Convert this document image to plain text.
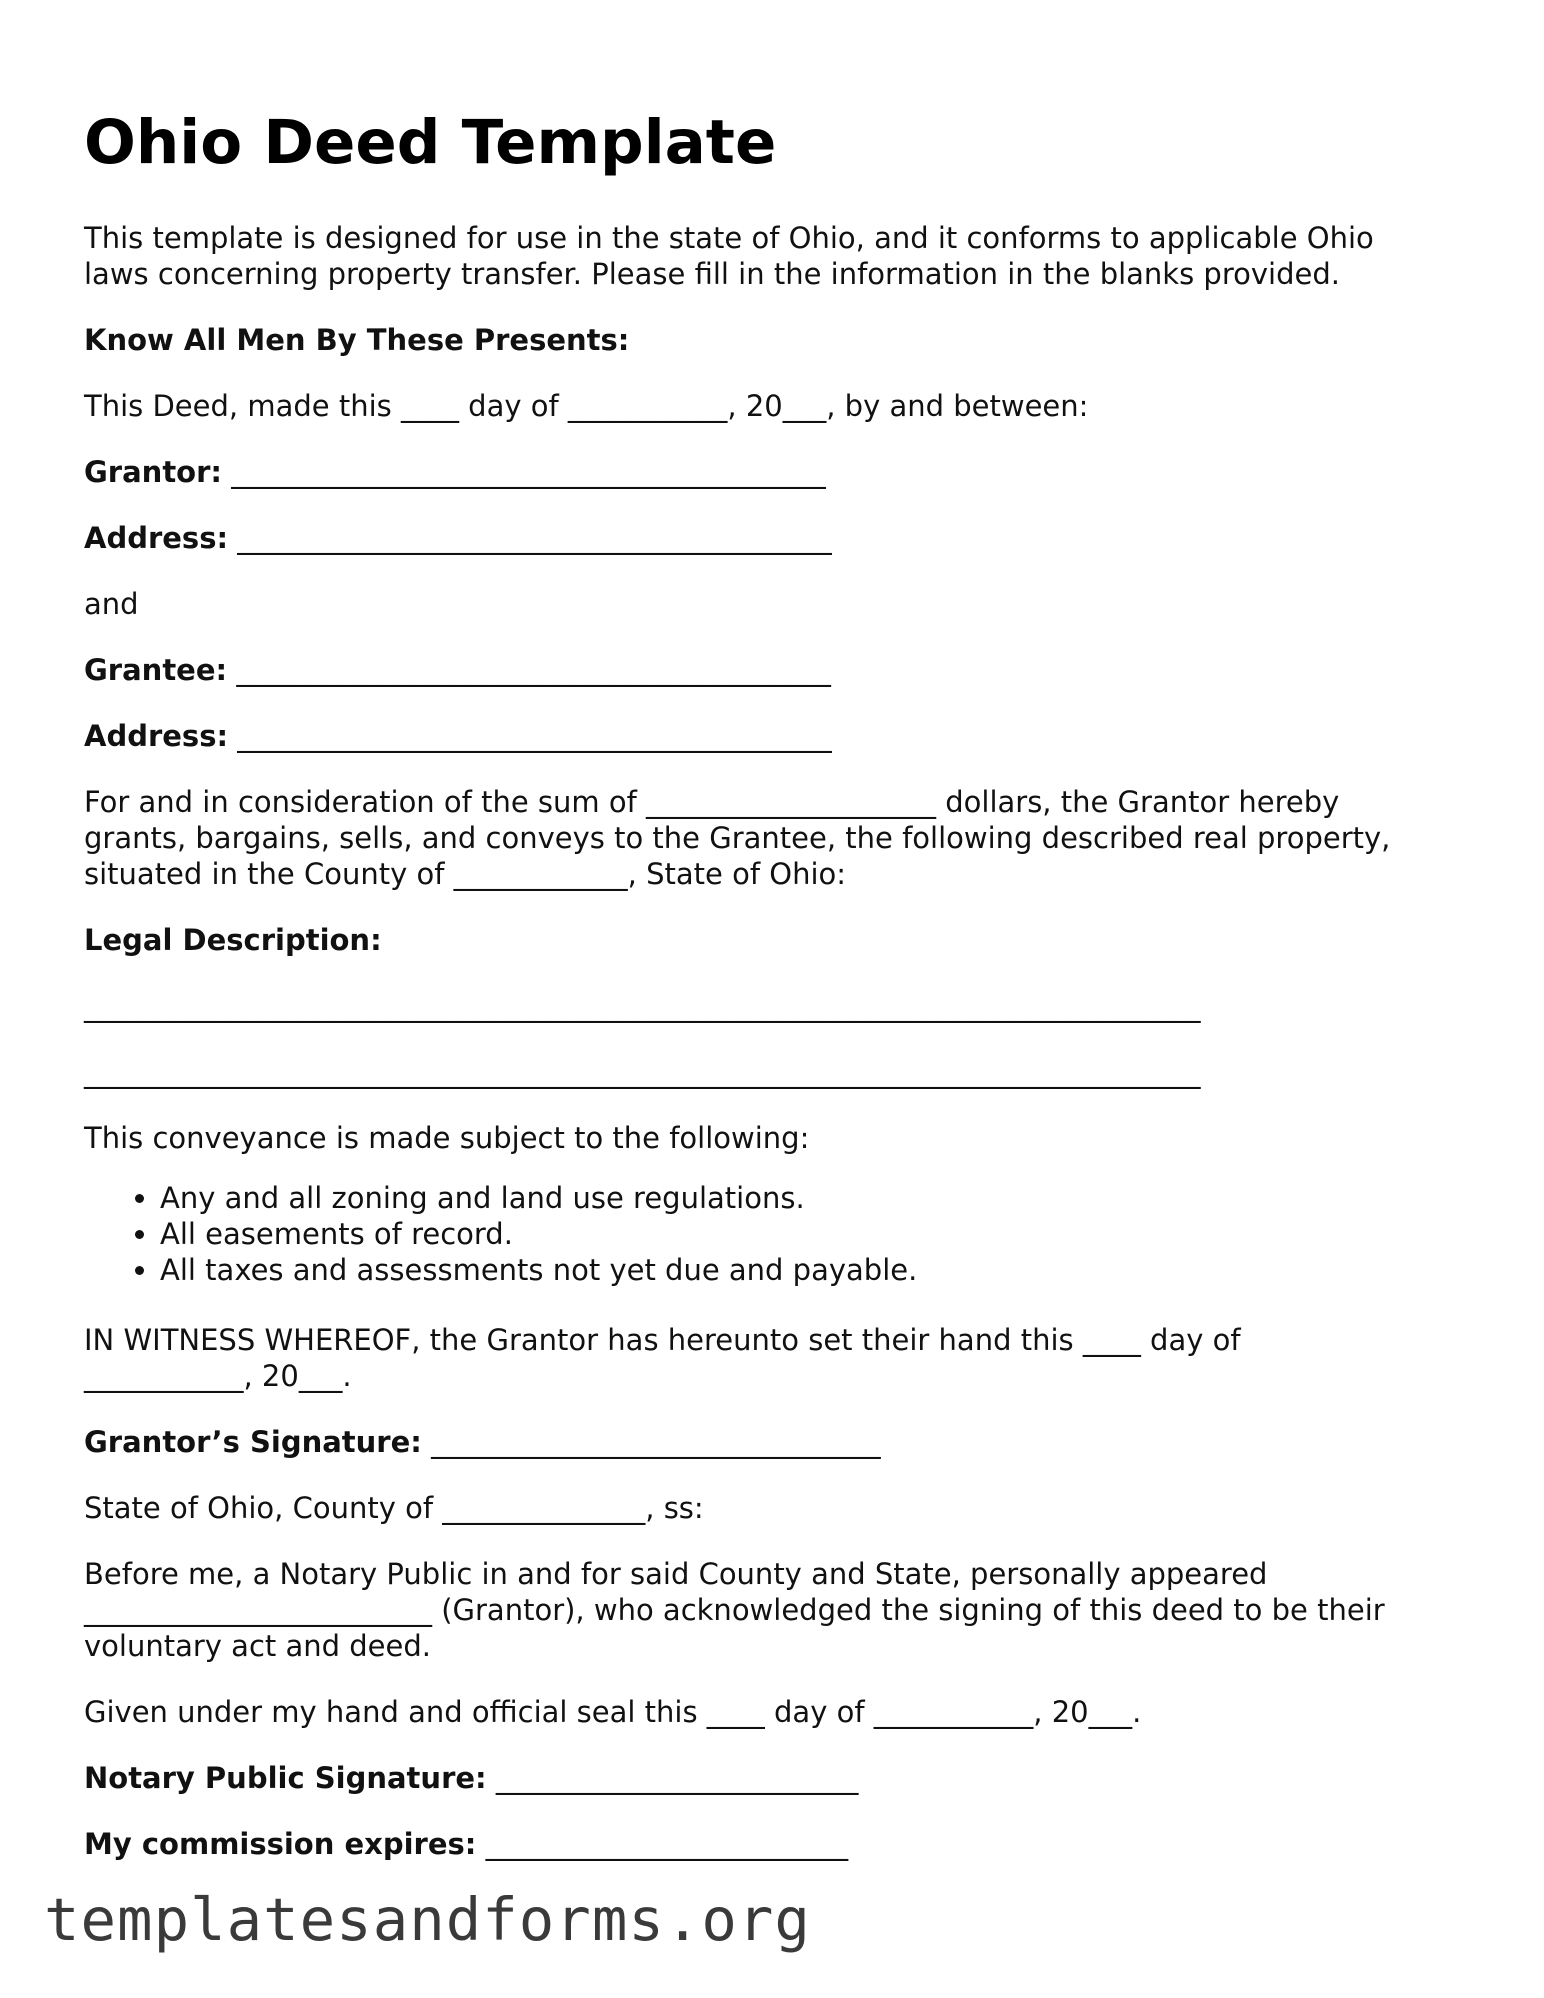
Ohio Deed Template
This template is designed for use in the state of Ohio, and it conforms to applicable Ohio
laws concerning property transfer. Please fill in the information in the blanks provided.
Know All Men By These Presents:
This Deed, made this ____ day of ___________, 20___, by and between:
Grantor: _________________________________________
Address: _________________________________________
and
Grantee: _________________________________________
Address: _________________________________________
For and in consideration of the sum of ____________________ dollars, the Grantor hereby
grants, bargains, sells, and conveys to the Grantee, the following described real property,
situated in the County of ____________, State of Ohio:
Legal Description:
_____________________________________________________________________________
_____________________________________________________________________________
This conveyance is made subject to the following:
• Any and all zoning and land use regulations.
• All easements of record.
• All taxes and assessments not yet due and payable.
IN WITNESS WHEREOF, the Grantor has hereunto set their hand this ____ day of
___________, 20___.
Grantor’s Signature: _______________________________
State of Ohio, County of ______________, ss:
Before me, a Notary Public in and for said County and State, personally appeared
________________________ (Grantor), who acknowledged the signing of this deed to be their
voluntary act and deed.
Given under my hand and official seal this ____ day of ___________, 20___.
Notary Public Signature: _________________________
My commission expires: _________________________
templatesandforms.org
